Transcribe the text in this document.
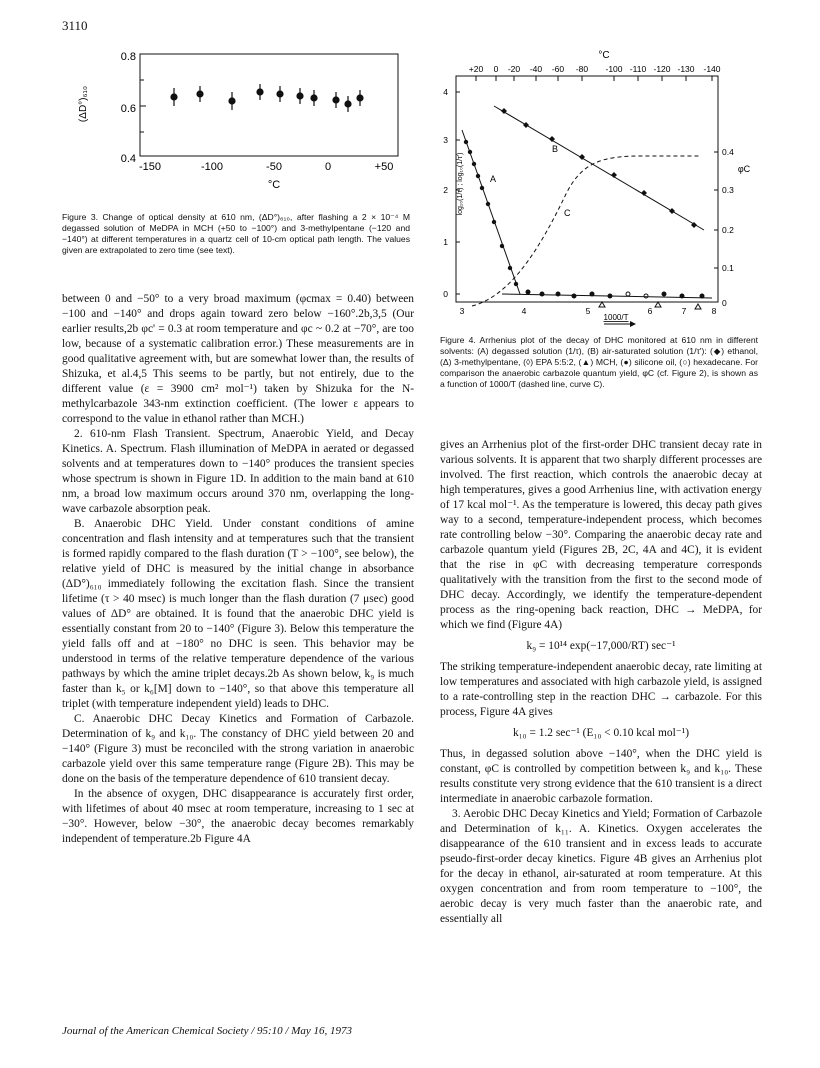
3110
(ΔD°)₆₁₀
0.8
0.6
0.4
-150	-100	-50	0	+50
°C
Figure 3. Change of optical density at 610 nm, (ΔD°)₆₁₀, after flashing a 2 × 10⁻⁴ M degassed solution of MeDPA in MCH (+50 to −100°) and 3-methylpentane (−120 and −140°) at different temperatures in a quartz cell of 10-cm optical path length. The values given are extrapolated to zero time (see text).
°C
+20 0 -20 -40 -60 -80 -100 -110 -120 -130 -140
4
3
2
1
0
0.4
0.3
0.2
0.1
0
log₁₀(1/τ) ; log₁₀(1/τ')	φC
3	4	5	6	7	8
1000/T
A
B
C
Figure 4. Arrhenius plot of the decay of DHC monitored at 610 nm in different solvents: (A) degassed solution (1/τ), (B) air-saturated solution (1/τ'): (◆) ethanol, (Δ) 3-methylpentane, (◊) EPA 5:5:2, (▲) MCH, (●) silicone oil, (○) hexadecane. For comparison the anaerobic carbazole quantum yield, φC (cf. Figure 2), is shown as a function of 1000/T (dashed line, curve C).

between 0 and −50° to a very broad maximum (φcmax = 0.40) between −100 and −140° and drops again toward zero below −160°.2b,3,5 (Our earlier results,2b φc' = 0.3 at room temperature and φc ~ 0.2 at −70°, are too low, because of a systematic calibration error.) These measurements are in good qualitative agreement with, but are somewhat lower than, the results of Shizuka, et al.4,5 This seems to be partly, but not entirely, due to the different value (ε = 3900 cm² mol⁻¹) taken by Shizuka for the N-methylcarbazole 343-nm extinction coefficient. (The lower ε appears to correspond to the value in ethanol rather than MCH.)

2. 610-nm Flash Transient. Spectrum, Anaerobic Yield, and Decay Kinetics. A. Spectrum. Flash illumination of MeDPA in aerated or degassed solvents and at temperatures down to −140° produces the transient species whose spectrum is shown in Figure 1D. In addition to the main band at 610 nm, a broad low maximum occurs around 370 nm, overlapping the long-wave carbazole absorption peak.

B. Anaerobic DHC Yield. Under constant conditions of amine concentration and flash intensity and at temperatures such that the transient is formed rapidly compared to the flash duration (T > −100°, see below), the relative yield of DHC is measured by the initial change in absorbance (ΔD°)₆₁₀ immediately following the excitation flash. Since the transient lifetime (τ > 40 msec) is much longer than the flash duration (7 μsec) good values of ΔD° are obtained. It is found that the anaerobic DHC yield is essentially constant from 20 to −140° (Figure 3). Below this temperature the yield falls off and at −180° no DHC is seen. This behavior may be understood in terms of the relative temperature dependence of the various pathways by which the amine triplet decays.2b As shown below, k₉ is much faster than k₅ or k₆[M] down to −140°, so that above this temperature all triplet (with temperature independent yield) leads to DHC.

C. Anaerobic DHC Decay Kinetics and Formation of Carbazole. Determination of k₉ and k₁₀. The constancy of DHC yield between 20 and −140° (Figure 3) must be reconciled with the strong variation in anaerobic carbazole yield over this same temperature range (Figure 2B). This may be done on the basis of the temperature dependence of 610 transient decay.

In the absence of oxygen, DHC disappearance is accurately first order, with lifetimes of about 40 msec at room temperature, increasing to 1 sec at −30°. However, below −30°, the anaerobic decay becomes remarkably independent of temperature.2b Figure 4A

gives an Arrhenius plot of the first-order DHC transient decay rate in various solvents. It is apparent that two sharply different processes are involved. The first reaction, which controls the anaerobic decay at high temperatures, gives a good Arrhenius line, with activation energy of 17 kcal mol⁻¹. As the temperature is lowered, this decay path gives way to a second, temperature-independent process, which becomes rate controlling below −30°. Comparing the anaerobic decay rate and carbazole quantum yield (Figures 2B, 2C, 4A and 4C), it is evident that the rise in φC with decreasing temperature corresponds qualitatively with the transition from the first to the second mode of DHC decay. Accordingly, we identify the temperature-dependent process as the ring-opening back reaction, DHC → MeDPA, for which we find (Figure 4A)

k₉ = 10¹⁴ exp(−17,000/RT) sec⁻¹

The striking temperature-independent anaerobic decay, rate limiting at low temperatures and associated with high carbazole yield, is assigned to a rate-controlling step in the reaction DHC → carbazole. For this process, Figure 4A gives

k₁₀ = 1.2 sec⁻¹ (E₁₀ < 0.10 kcal mol⁻¹)

Thus, in degassed solution above −140°, when the DHC yield is constant, φC is controlled by competition between k₉ and k₁₀. These results constitute very strong evidence that the 610 transient is a direct intermediate in anaerobic carbazole formation.

3. Aerobic DHC Decay Kinetics and Yield; Formation of Carbazole and Determination of k₁₁. A. Kinetics. Oxygen accelerates the disappearance of the 610 transient and in excess leads to accurate pseudo-first-order decay kinetics. Figure 4B gives an Arrhenius plot for the decay in ethanol, air-saturated at room temperature. At this oxygen concentration and from room temperature to −100°, the aerobic decay is very much faster than the anaerobic rate, and essentially all

Journal of the American Chemical Society / 95:10 / May 16, 1973
